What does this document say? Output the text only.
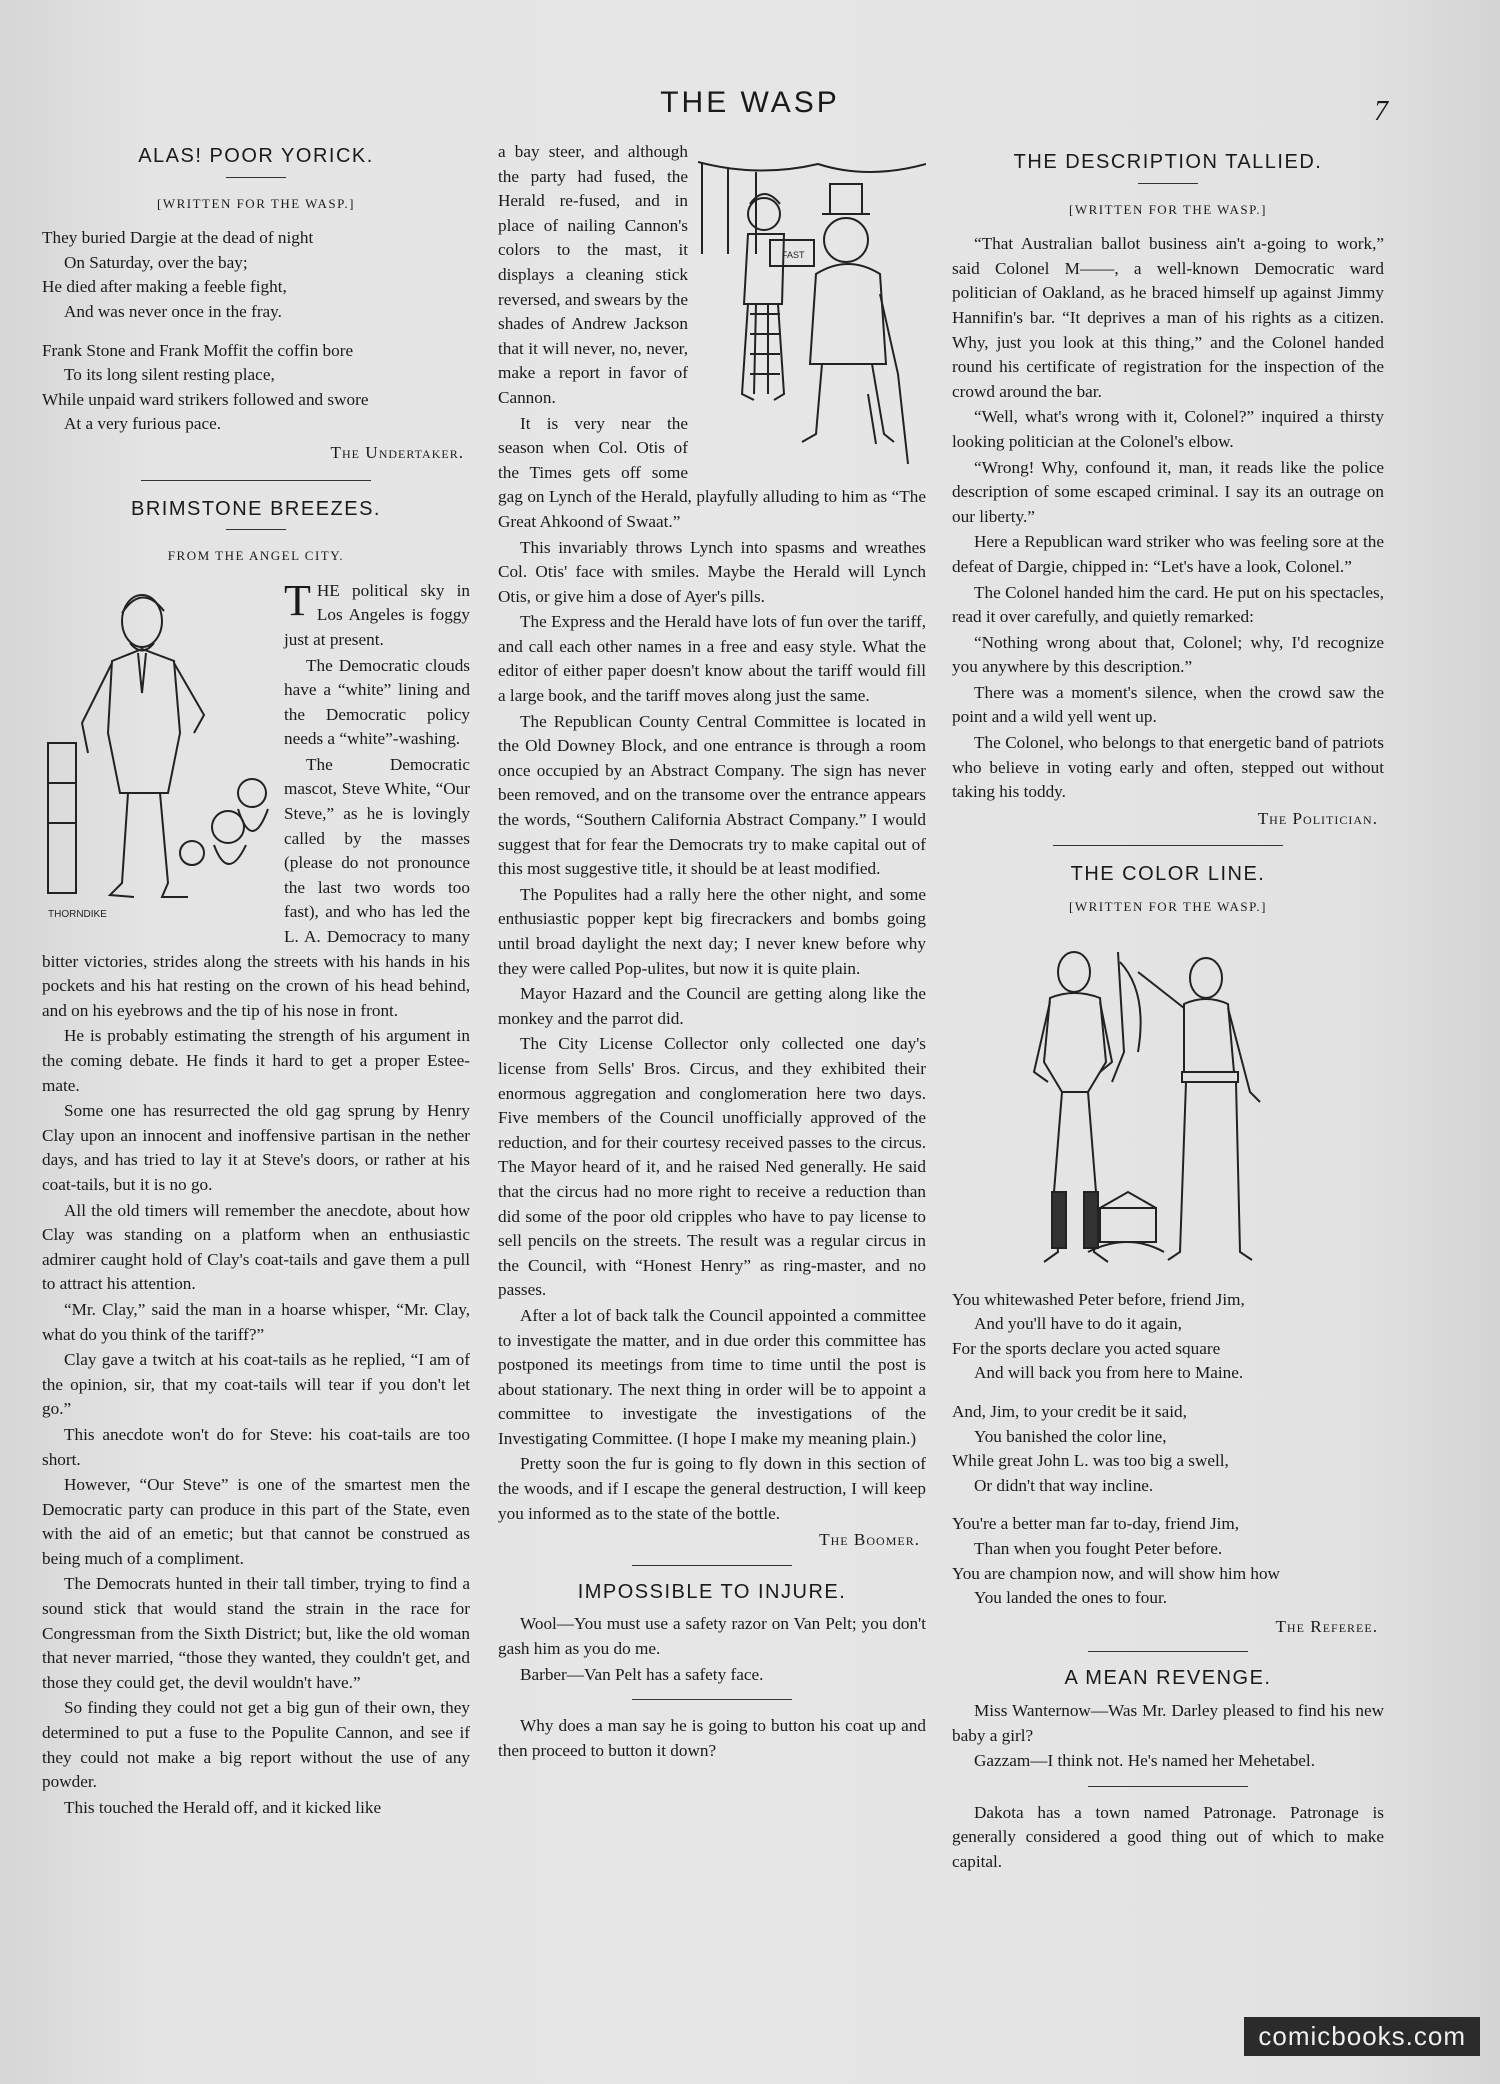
THE WASP	7
ALAS! POOR YORICK.
[WRITTEN FOR THE WASP.]

They buried Dargie at the dead of night

On Saturday, over the bay;

He died after making a feeble fight,

And was never once in the fray.

Frank Stone and Frank Moffit the coffin bore

To its long silent resting place,

While unpaid ward strikers followed and swore

At a very furious pace.

The Undertaker.
BRIMSTONE BREEZES.
FROM THE ANGEL CITY.
THORNDIKE

T HE political sky in Los Angeles is foggy just at present.

The Democratic clouds have a “white” lining and the Democratic policy needs a “white”-washing.

The Democratic mascot, Steve White, “Our Steve,” as he is lovingly called by the masses (please do not pronounce the last two words too fast), and who has led the L. A. Democracy to many bitter victories, strides along the streets with his hands in his pockets and his hat resting on the crown of his head behind, and on his eyebrows and the tip of his nose in front.

He is probably estimating the strength of his argument in the coming debate. He finds it hard to get a proper Estee-mate.

Some one has resurrected the old gag sprung by Henry Clay upon an innocent and inoffensive partisan in the nether days, and has tried to lay it at Steve's doors, or rather at his coat-tails, but it is no go.

All the old timers will remember the anecdote, about how Clay was standing on a platform when an enthusiastic admirer caught hold of Clay's coat-tails and gave them a pull to attract his attention.

“Mr. Clay,” said the man in a hoarse whisper, “Mr. Clay, what do you think of the tariff?”

Clay gave a twitch at his coat-tails as he replied, “I am of the opinion, sir, that my coat-tails will tear if you don't let go.”

This anecdote won't do for Steve: his coat-tails are too short.

However, “Our Steve” is one of the smartest men the Democratic party can produce in this part of the State, even with the aid of an emetic; but that cannot be construed as being much of a compliment.

The Democrats hunted in their tall timber, trying to find a sound stick that would stand the strain in the race for Congressman from the Sixth District; but, like the old woman that never married, “those they wanted, they couldn't get, and those they could get, the devil wouldn't have.”

So finding they could not get a big gun of their own, they determined to put a fuse to the Populite Cannon, and see if they could not make a big report without the use of any powder.

This touched the Herald off, and it kicked like

FAST

a bay steer, and although the party had fused, the Herald re-fused, and in place of nailing Cannon's colors to the mast, it displays a cleaning stick reversed, and swears by the shades of Andrew Jackson that it will never, no, never, make a report in favor of Cannon.

It is very near the season when Col. Otis of the Times gets off some gag on Lynch of the Herald, playfully alluding to him as “The Great Ahkoond of Swaat.”

This invariably throws Lynch into spasms and wreathes Col. Otis' face with smiles. Maybe the Herald will Lynch Otis, or give him a dose of Ayer's pills.

The Express and the Herald have lots of fun over the tariff, and call each other names in a free and easy style. What the editor of either paper doesn't know about the tariff would fill a large book, and the tariff moves along just the same.

The Republican County Central Committee is located in the Old Downey Block, and one entrance is through a room once occupied by an Abstract Company. The sign has never been removed, and on the transome over the entrance appears the words, “Southern California Abstract Company.” I would suggest that for fear the Democrats try to make capital out of this most suggestive title, it should be at least modified.

The Populites had a rally here the other night, and some enthusiastic popper kept big firecrackers and bombs going until broad daylight the next day; I never knew before why they were called Pop-ulites, but now it is quite plain.

Mayor Hazard and the Council are getting along like the monkey and the parrot did.

The City License Collector only collected one day's license from Sells' Bros. Circus, and they exhibited their enormous aggregation and conglomeration here two days. Five members of the Council unofficially approved of the reduction, and for their courtesy received passes to the circus. The Mayor heard of it, and he raised Ned generally. He said that the circus had no more right to receive a reduction than did some of the poor old cripples who have to pay license to sell pencils on the streets. The result was a regular circus in the Council, with “Honest Henry” as ring-master, and no passes.

After a lot of back talk the Council appointed a committee to investigate the matter, and in due order this committee has postponed its meetings from time to time until the post is about stationary. The next thing in order will be to appoint a committee to investigate the investigations of the Investigating Committee. (I hope I make my meaning plain.)

Pretty soon the fur is going to fly down in this section of the woods, and if I escape the general destruction, I will keep you informed as to the state of the bottle.

The Boomer.
IMPOSSIBLE TO INJURE.

Wool—You must use a safety razor on Van Pelt; you don't gash him as you do me.

Barber—Van Pelt has a safety face.

Why does a man say he is going to button his coat up and then proceed to button it down?

THE DESCRIPTION TALLIED.
[WRITTEN FOR THE WASP.]

“That Australian ballot business ain't a-going to work,” said Colonel M——, a well-known Democratic ward politician of Oakland, as he braced himself up against Jimmy Hannifin's bar. “It deprives a man of his rights as a citizen. Why, just you look at this thing,” and the Colonel handed round his certificate of registration for the inspection of the crowd around the bar.

“Well, what's wrong with it, Colonel?” inquired a thirsty looking politician at the Colonel's elbow.

“Wrong! Why, confound it, man, it reads like the police description of some escaped criminal. I say its an outrage on our liberty.”

Here a Republican ward striker who was feeling sore at the defeat of Dargie, chipped in: “Let's have a look, Colonel.”

The Colonel handed him the card. He put on his spectacles, read it over carefully, and quietly remarked:

“Nothing wrong about that, Colonel; why, I'd recognize you anywhere by this description.”

There was a moment's silence, when the crowd saw the point and a wild yell went up.

The Colonel, who belongs to that energetic band of patriots who believe in voting early and often, stepped out without taking his toddy.

The Politician.
THE COLOR LINE.
[WRITTEN FOR THE WASP.]

You whitewashed Peter before, friend Jim,

And you'll have to do it again,

For the sports declare you acted square

And will back you from here to Maine.

And, Jim, to your credit be it said,

You banished the color line,

While great John L. was too big a swell,

Or didn't that way incline.

You're a better man far to-day, friend Jim,

Than when you fought Peter before.

You are champion now, and will show him how

You landed the ones to four.

The Referee.
A MEAN REVENGE.

Miss Wanternow—Was Mr. Darley pleased to find his new baby a girl?

Gazzam—I think not. He's named her Mehetabel.

Dakota has a town named Patronage. Patronage is generally considered a good thing out of which to make capital.

comicbooks.com
